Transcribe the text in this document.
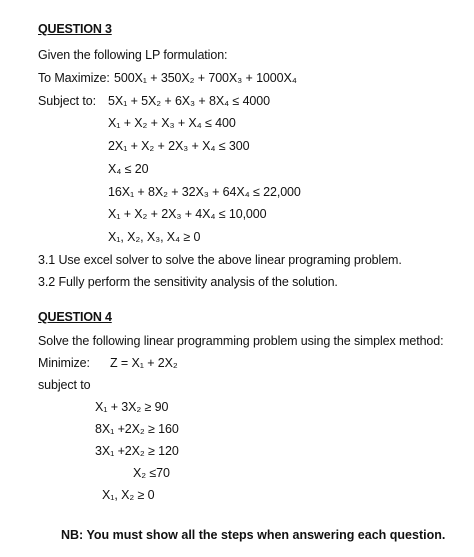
QUESTION 3
Given the following LP formulation:
To Maximize: 500X₁ + 350X₂ + 700X₃ + 1000X₄
Subject to: 5X₁ + 5X₂ + 6X₃ + 8X₄ ≤ 4000
X₁ + X₂ + X₃ + X₄ ≤ 400
2X₁ + X₂ + 2X₃ + X₄ ≤ 300
X₄ ≤ 20
16X₁ + 8X₂ + 32X₃ + 64X₄ ≤ 22,000
X₁ + X₂ + 2X₃ + 4X₄ ≤ 10,000
X₁, X₂, X₃, X₄ ≥ 0
3.1 Use excel solver to solve the above linear programing problem.
3.2 Fully perform the sensitivity analysis of the solution.
QUESTION 4
Solve the following linear programming problem using the simplex method:
Minimize: Z = X₁ + 2X₂
subject to
X₁ + 3X₂ ≥ 90
8X₁ +2X₂ ≥ 160
3X₁ +2X₂ ≥ 120
X₂ ≤70
X₁, X₂ ≥ 0
NB: You must show all the steps when answering each question.
